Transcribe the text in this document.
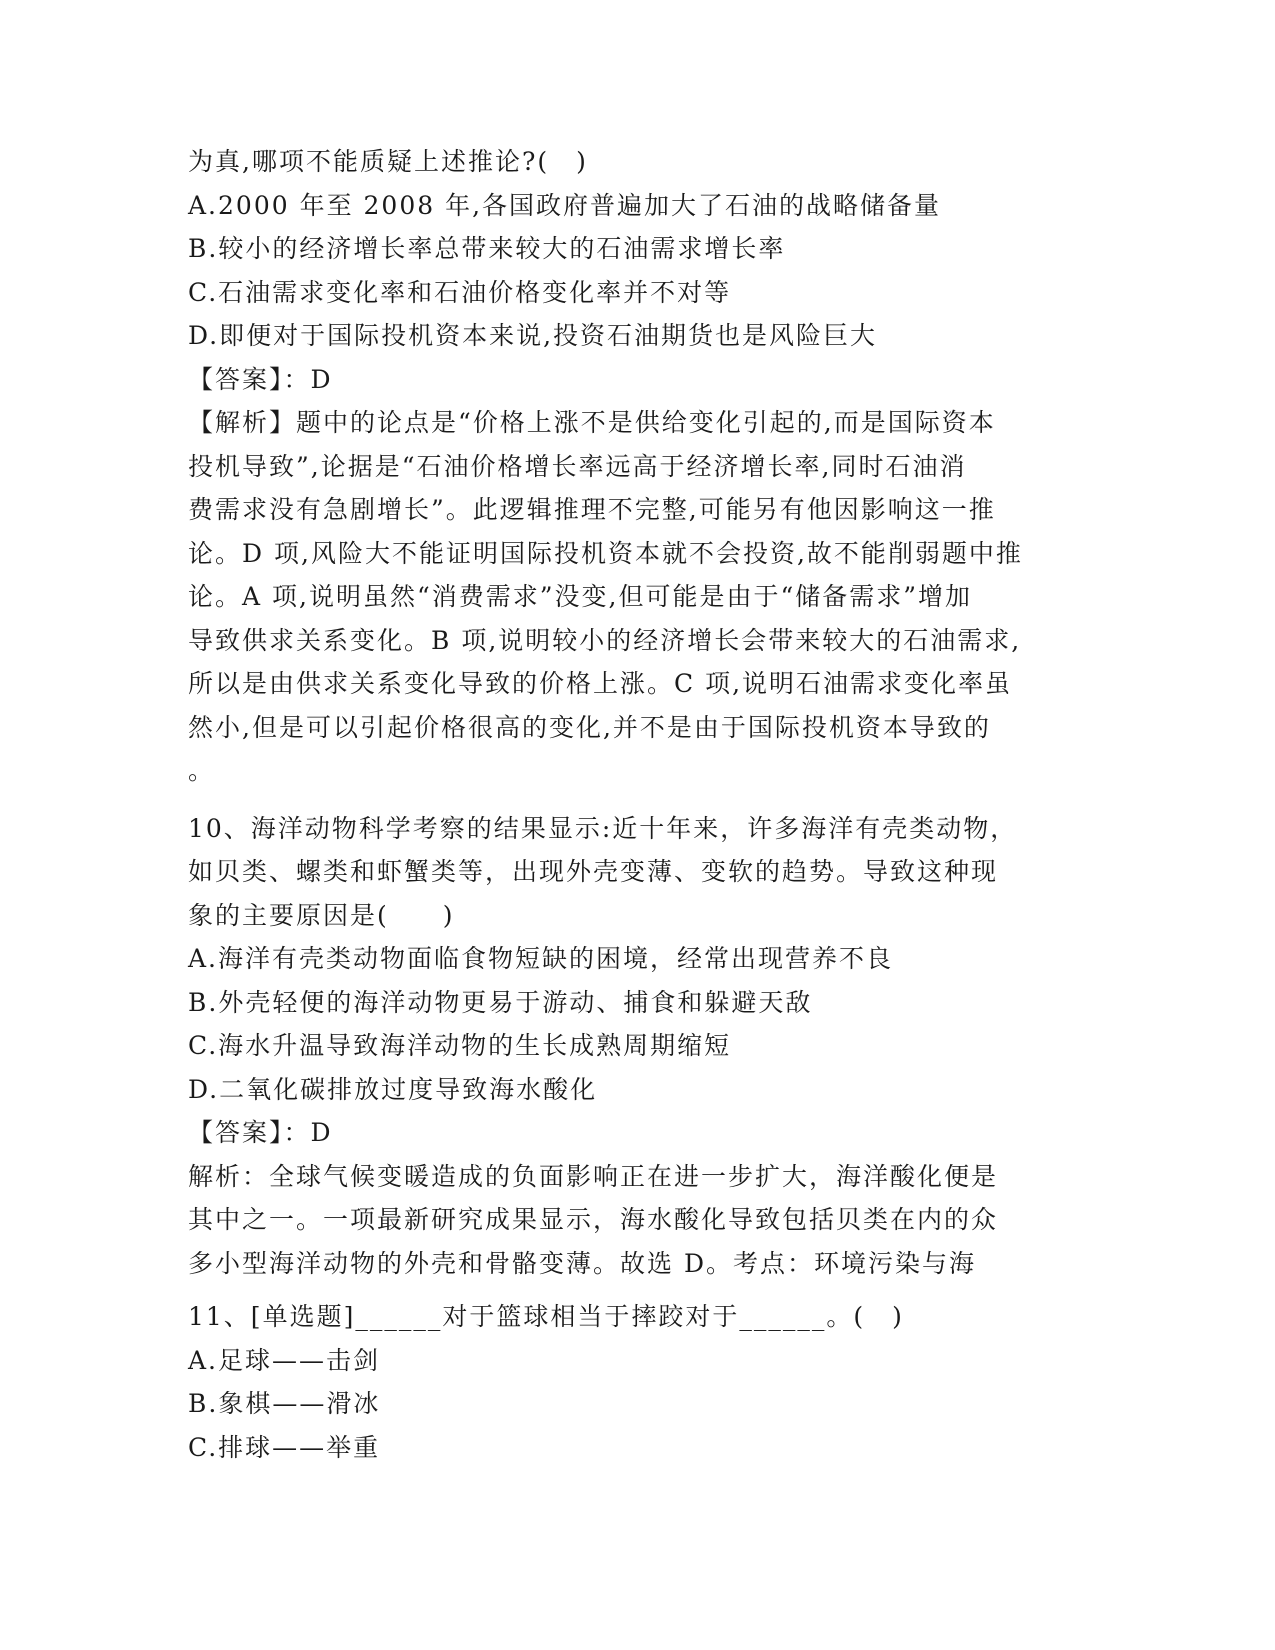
为真,哪项不能质疑上述推论?(　)

A.2000 年至 2008 年,各国政府普遍加大了石油的战略储备量

B.较小的经济增长率总带来较大的石油需求增长率

C.石油需求变化率和石油价格变化率并不对等

D.即便对于国际投机资本来说,投资石油期货也是风险巨大

【答案】：D

【解析】题中的论点是“价格上涨不是供给变化引起的,而是国际资本

投机导致”,论据是“石油价格增长率远高于经济增长率,同时石油消

费需求没有急剧增长”。此逻辑推理不完整,可能另有他因影响这一推

论。D 项,风险大不能证明国际投机资本就不会投资,故不能削弱题中推

论。A 项,说明虽然“消费需求”没变,但可能是由于“储备需求”增加

导致供求关系变化。B 项,说明较小的经济增长会带来较大的石油需求,

所以是由供求关系变化导致的价格上涨。C 项,说明石油需求变化率虽

然小,但是可以引起价格很高的变化,并不是由于国际投机资本导致的

。

10、海洋动物科学考察的结果显示:近十年来，许多海洋有壳类动物，

如贝类、螺类和虾蟹类等，出现外壳变薄、变软的趋势。导致这种现

象的主要原因是(　　)

A.海洋有壳类动物面临食物短缺的困境，经常出现营养不良

B.外壳轻便的海洋动物更易于游动、捕食和躲避天敌

C.海水升温导致海洋动物的生长成熟周期缩短

D.二氧化碳排放过度导致海水酸化

【答案】：D

解析：全球气候变暖造成的负面影响正在进一步扩大，海洋酸化便是

其中之一。一项最新研究成果显示，海水酸化导致包括贝类在内的众

多小型海洋动物的外壳和骨骼变薄。故选 D。考点：环境污染与海

11、[单选题]______对于篮球相当于摔跤对于______。(　)

A.足球——击剑

B.象棋——滑冰

C.排球——举重
